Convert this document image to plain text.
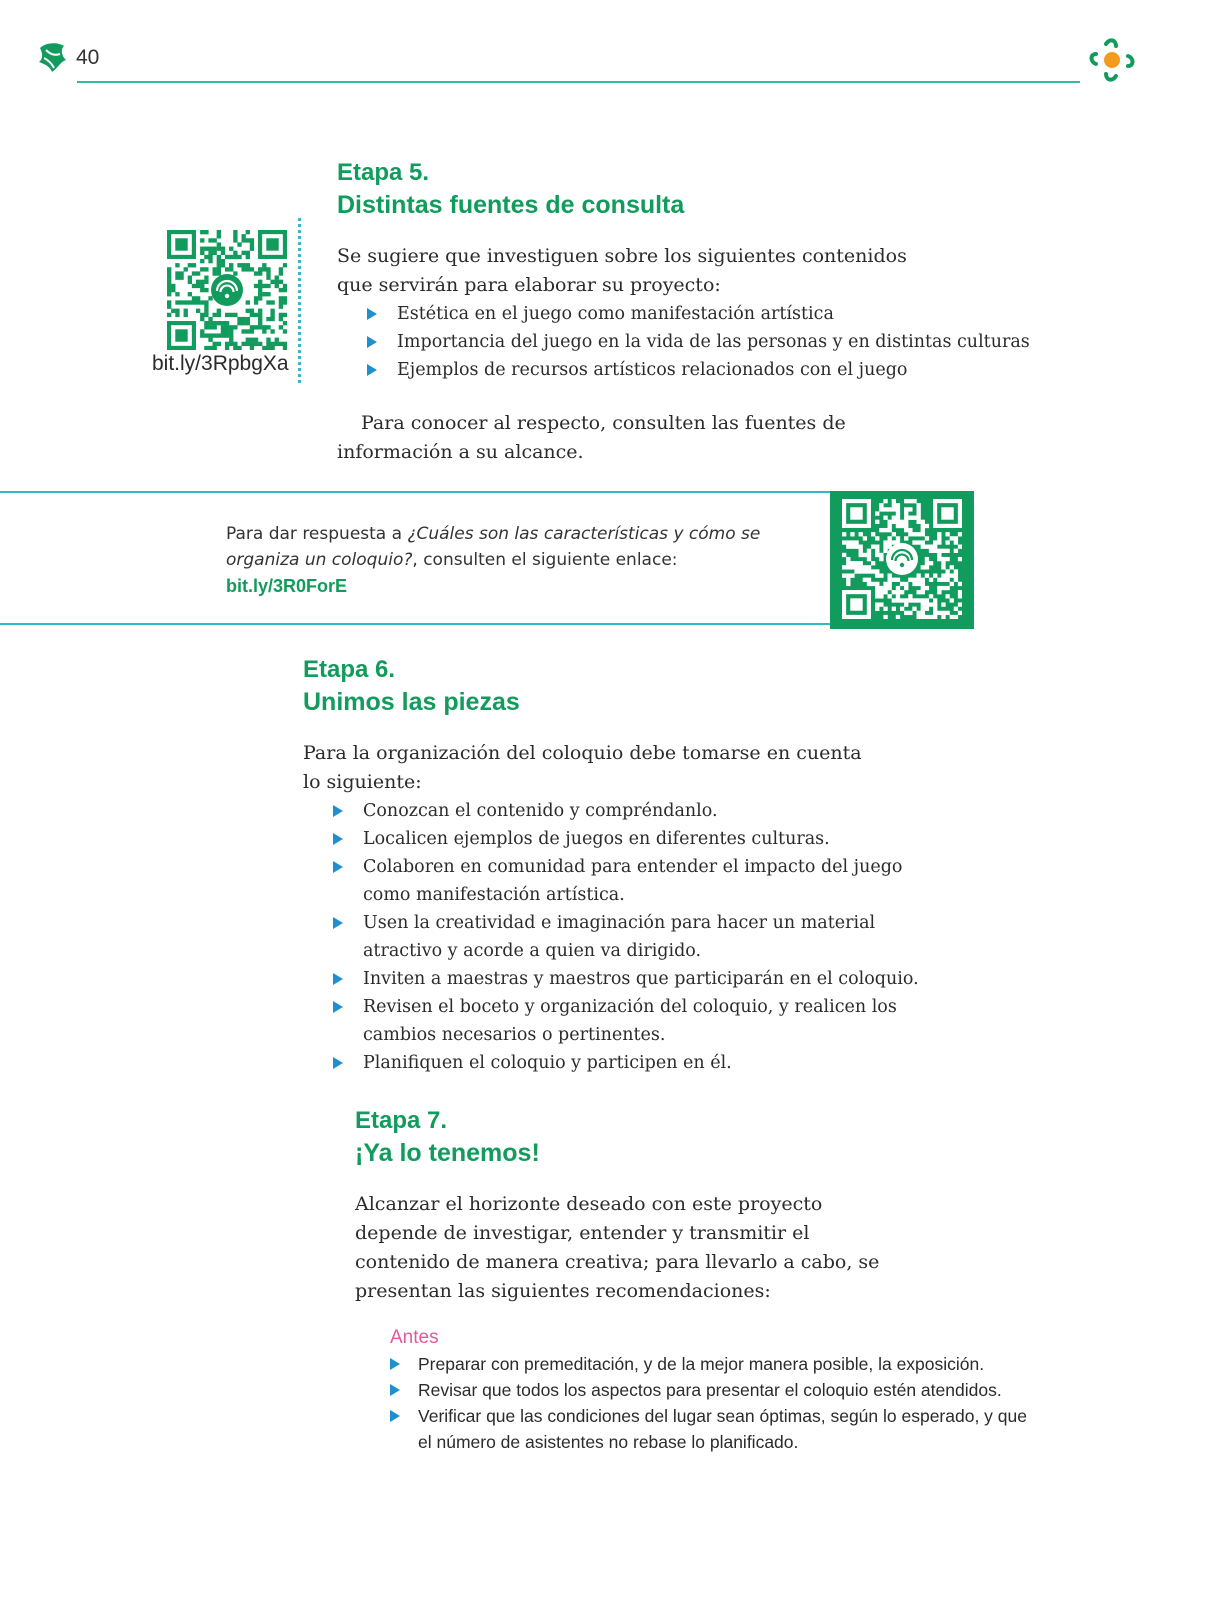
40
bit.ly/3RpbgXa
Etapa 5.
Distintas fuentes de consulta

Se sugiere que investiguen sobre los siguientes contenidos que servirán para elaborar su proyecto:

Estética en el juego como manifestación artística
Importancia del juego en la vida de las personas y en distintas culturas
Ejemplos de recursos artísticos relacionados con el juego

Para conocer al respecto, consulten las fuentes de información a su alcance.

Para dar respuesta a ¿Cuáles son las características y cómo se organiza un coloquio?, consulten el siguiente enlace:
bit.ly/3R0ForE
Etapa 6.
Unimos las piezas

Para la organización del coloquio debe tomarse en cuenta lo siguiente:

Conozcan el contenido y compréndanlo.
Localicen ejemplos de juegos en diferentes culturas.
Colaboren en comunidad para entender el impacto del juego como manifestación artística.
Usen la creatividad e imaginación para hacer un material atractivo y acorde a quien va dirigido.
Inviten a maestras y maestros que participarán en el coloquio.
Revisen el boceto y organización del coloquio, y realicen los cambios necesarios o pertinentes.
Planifiquen el coloquio y participen en él.
Etapa 7.
¡Ya lo tenemos!

Alcanzar el horizonte deseado con este proyecto depende de investigar, entender y transmitir el contenido de manera creativa; para llevarlo a cabo, se presentan las siguientes recomendaciones:

Antes
Preparar con premeditación, y de la mejor manera posible, la exposición.
Revisar que todos los aspectos para presentar el coloquio estén atendidos.
Verificar que las condiciones del lugar sean óptimas, según lo esperado, y que el número de asistentes no rebase lo planificado.
